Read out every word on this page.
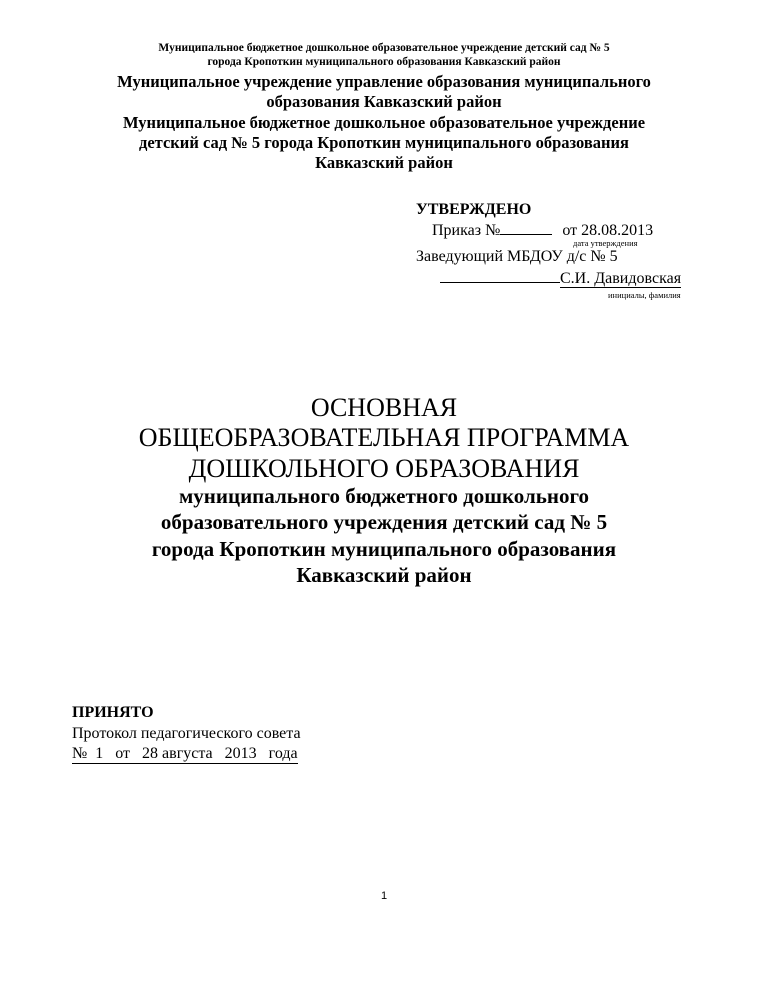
Муниципальное бюджетное дошкольное образовательное учреждение детский сад № 5
города Кропоткин муниципального образования Кавказский район
Муниципальное учреждение управление образования муниципального
образования Кавказский район
Муниципальное бюджетное дошкольное образовательное учреждение
детский сад № 5 города Кропоткин муниципального образования
Кавказский район
УТВЕРЖДЕНО
Приказ №	от 28.08.2013
дата утверждения
Заведующий МБДОУ д/с № 5
С.И. Давидовская
инициалы, фамилия
ОСНОВНАЯ
ОБЩЕОБРАЗОВАТЕЛЬНАЯ ПРОГРАММА
ДОШКОЛЬНОГО ОБРАЗОВАНИЯ
муниципального бюджетного дошкольного
образовательного учреждения детский сад № 5
города Кропоткин муниципального образования
Кавказский район
ПРИНЯТО
Протокол педагогического совета
№  1   от   28 августа   2013   года
1
